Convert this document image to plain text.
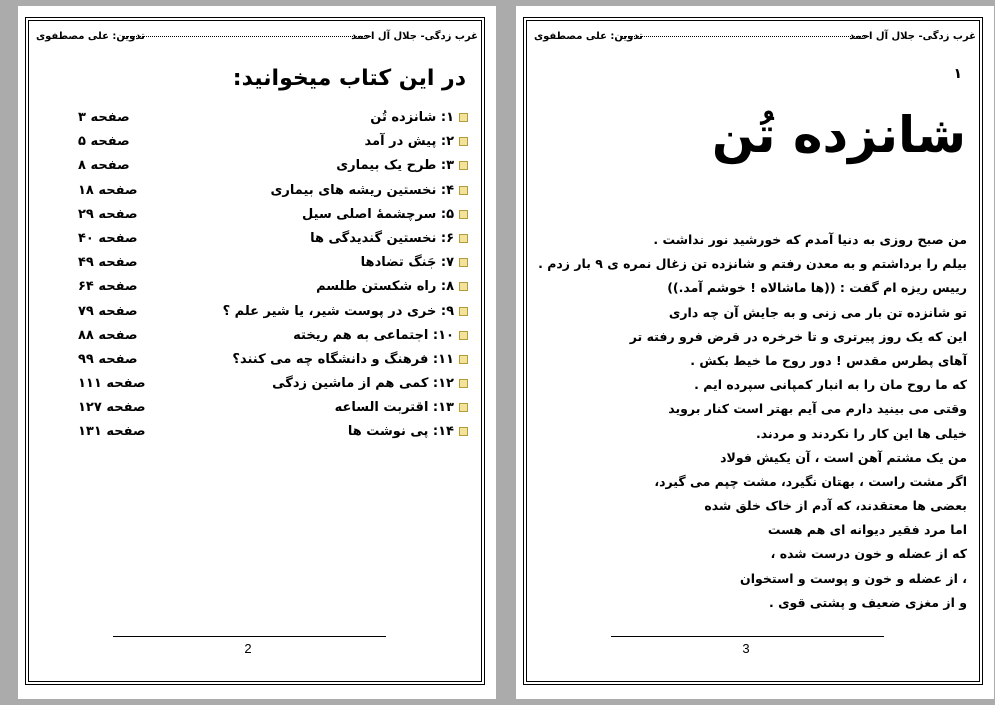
غرب زدگی- جلال آل احمد
تدوین: علی مصطفوی
در این کتاب میخوانید:
۱: شانزده تُن
صفحه ۳
۲: پیش در آمد
صفحه ۵
۳: طرح یک بیماری
صفحه ۸
۴: نخستین ریشه های بیماری
صفحه ۱۸
۵: سرچشمهٔ اصلی سیل
صفحه ۲۹
۶: نخستین گندیدگی ها
صفحه ۴۰
۷: جَنگ تضادها
صفحه ۴۹
۸: راه شکستن طلسم
صفحه ۶۴
۹: خری در پوست شیر، یا شیر علم ؟
صفحه ۷۹
۱۰: اجتماعی به هم ریخته
صفحه ۸۸
۱۱: فرهنگ و دانشگاه چه می کنند؟
صفحه ۹۹
۱۲: کمی هم از ماشین زدگی
صفحه ۱۱۱
۱۳: اقتربت الساعه
صفحه ۱۲۷
۱۴: پی نوشت ها
صفحه ۱۳۱
2
غرب زدگی- جلال آل احمد
تدوین: علی مصطفوی
۱
شانزده تُن
من صبح روزی به دنیا آمدم که خورشید نور نداشت .
بیلم را برداشتم و به معدن رفتم و شانزده تن زغال نمره ی ۹ بار زدم .
رییس ریزه ام گفت : ((ها ماشالاه ! خوشم آمد.))
تو شانزده تن بار می زنی و به جایش آن چه داری
این که یک روز پیرتری و تا خرخره در قرض فرو رفته تر
آهای پطرس مقدس ! دور روح ما خیط بکش .
که ما روح مان را به انبار کمپانی سپرده ایم .
وقتی می بینید دارم می آیم بهتر است کنار بروید
خیلی ها این کار را نکردند و مردند.
من یک مشتم آهن است ، آن یکیش فولاد
اگر مشت راست ، بهتان نگیرد، مشت چپم می گیرد،
بعضی ها معتقدند، که آدم از خاک خلق شده
اما مرد فقیر دیوانه ای هم هست
که از عضله و خون درست شده ،
، از عضله و خون و پوست و استخوان
و از مغزی ضعیف و پشتی قوی .
3
